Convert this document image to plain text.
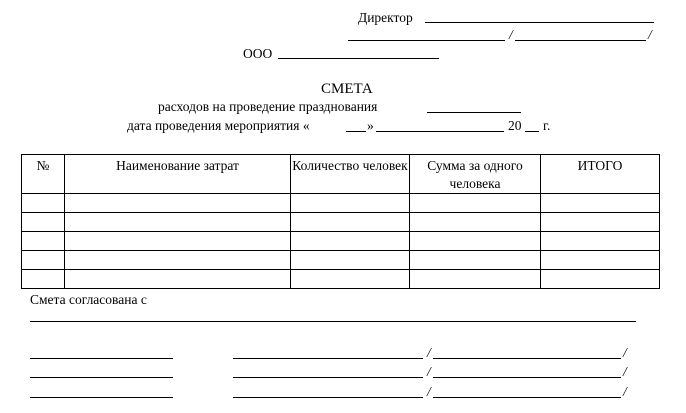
Директор
/	/
ООО
СМЕТА
расходов на проведение празднования
дата проведения мероприятия «	»	20 г.
№	Наименование затрат	Количество человек	Сумма за одного человека	ИТОГО

Смета согласована с
/	/
/	/
/	/
